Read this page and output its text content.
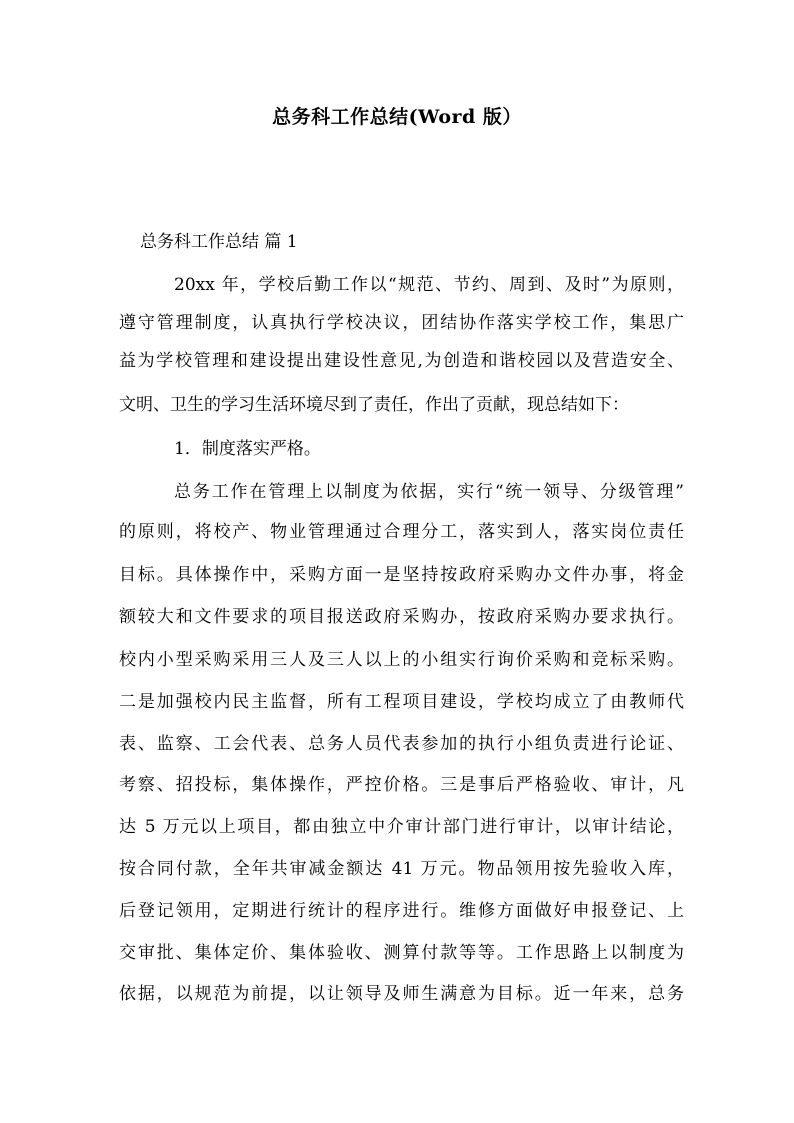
总务科工作总结(Word 版）
总务科工作总结 篇 1
20xx 年，学校后勤工作以“规范、节约、周到、及时”为原则，
遵守管理制度，认真执行学校决议，团结协作落实学校工作，集思广
益为学校管理和建设提出建设性意见,为创造和谐校园以及营造安全、
文明、卫生的学习生活环境尽到了责任，作出了贡献，现总结如下：
1．制度落实严格。
总务工作在管理上以制度为依据，实行“统一领导、分级管理”
的原则，将校产、物业管理通过合理分工，落实到人，落实岗位责任
目标。具体操作中，采购方面一是坚持按政府采购办文件办事，将金
额较大和文件要求的项目报送政府采购办，按政府采购办要求执行。
校内小型采购采用三人及三人以上的小组实行询价采购和竞标采购。
二是加强校内民主监督，所有工程项目建设，学校均成立了由教师代
表、监察、工会代表、总务人员代表参加的执行小组负责进行论证、
考察、招投标，集体操作，严控价格。三是事后严格验收、审计，凡
达 5 万元以上项目，都由独立中介审计部门进行审计，以审计结论，
按合同付款，全年共审减金额达 41 万元。物品领用按先验收入库，
后登记领用，定期进行统计的程序进行。维修方面做好申报登记、上
交审批、集体定价、集体验收、测算付款等等。工作思路上以制度为
依据，以规范为前提，以让领导及师生满意为目标。近一年来，总务
